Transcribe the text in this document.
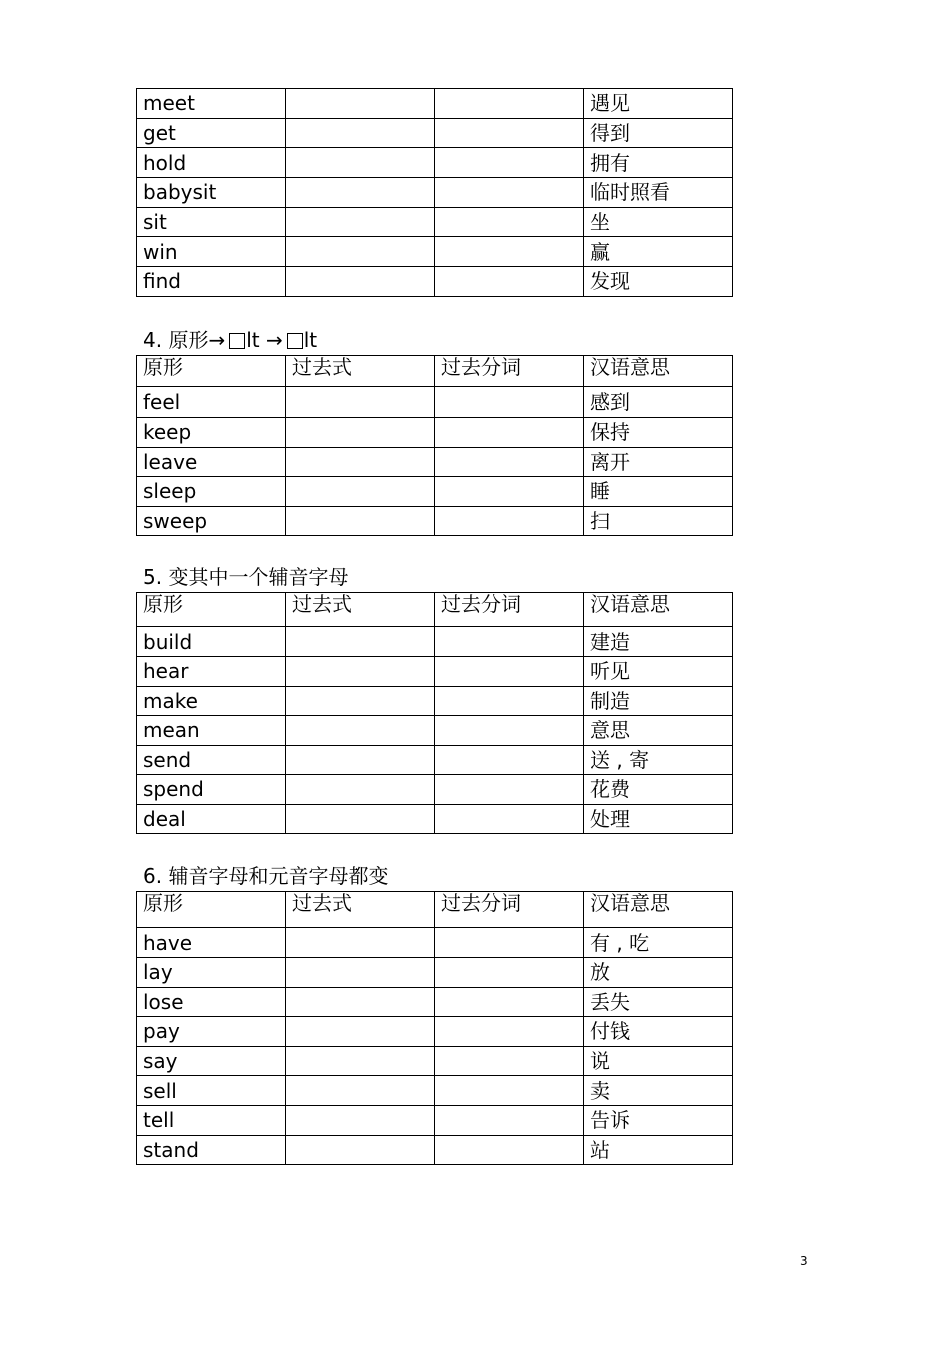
meet			遇见
get			得到
hold			拥有
babysit			临时照看
sit			坐
win			赢
find			发现
4. 原形→ lt → lt
原形	过去式	过去分词	汉语意思
feel			感到
keep			保持
leave			离开
sleep			睡
sweep			扫
5. 变其中一个辅音字母
原形	过去式	过去分词	汉语意思
build			建造
hear			听见
make			制造
mean			意思
send			送 , 寄
spend			花费
deal			处理
6. 辅音字母和元音字母都变
原形	过去式	过去分词	汉语意思
have			有 , 吃
lay			放
lose			丢失
pay			付钱
say			说
sell			卖
tell			告诉
stand			站
3
